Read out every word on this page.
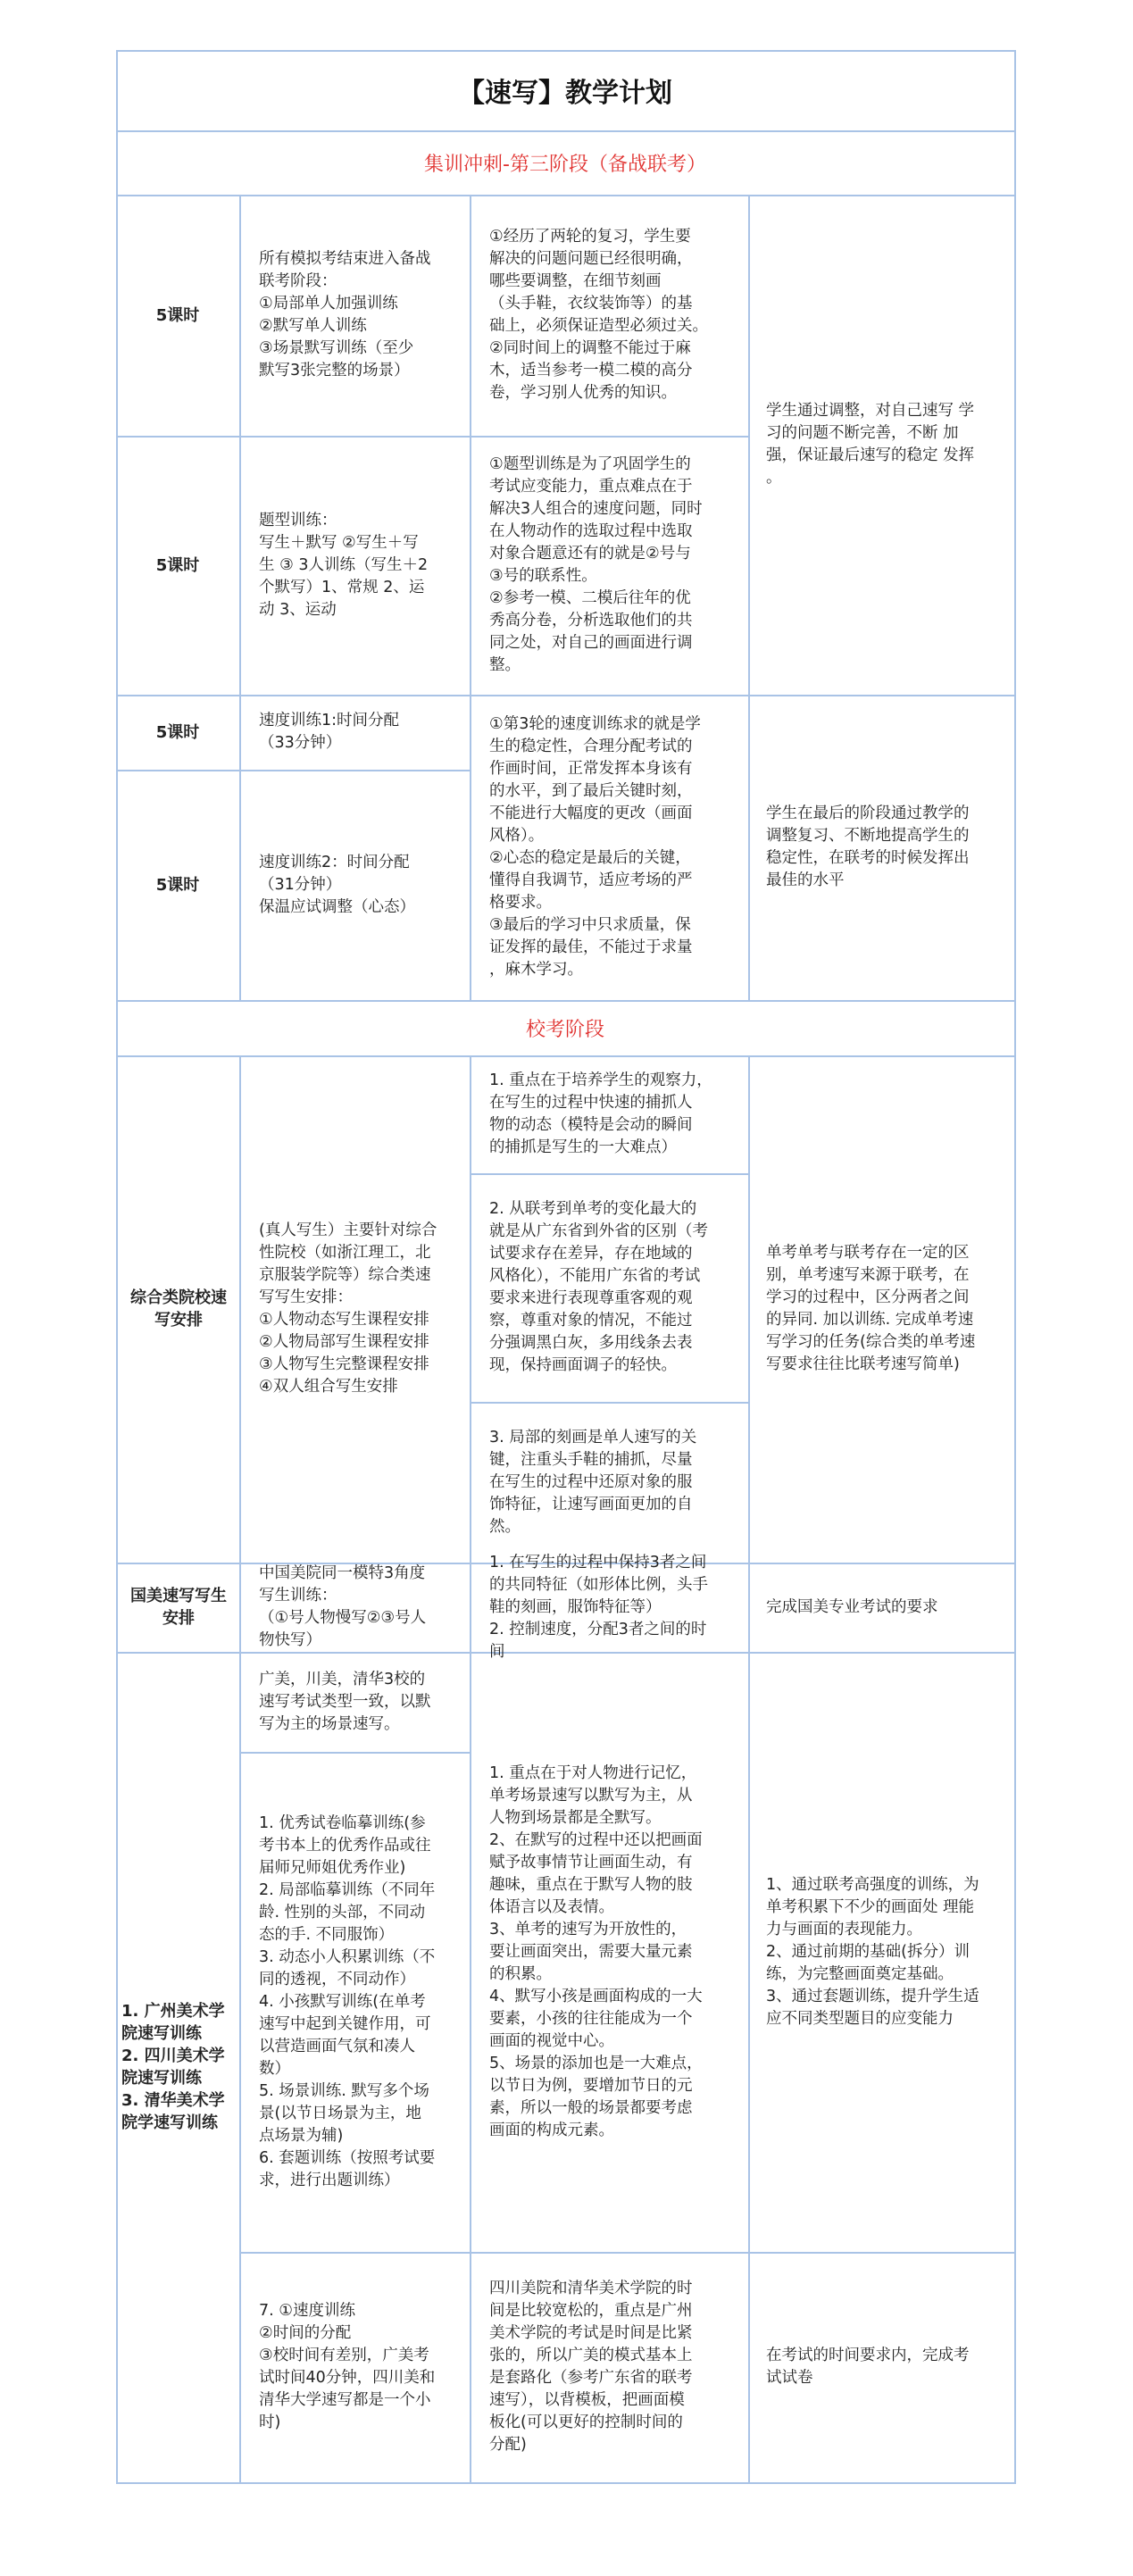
【速写】教学计划
集训冲刺-第三阶段（备战联考）
5课时
所有模拟考结束进入备战
联考阶段：
①局部单人加强训练
②默写单人训练
③场景默写训练（至少
默写3张完整的场景）
①经历了两轮的复习，学生要
解决的问题问题已经很明确，
哪些要调整，在细节刻画
（头手鞋，衣纹装饰等）的基
础上，必须保证造型必须过关。
②同时间上的调整不能过于麻
木，适当参考一模二模的高分
卷，学习别人优秀的知识。
5课时
题型训练：
写生＋默写 ②写生＋写
生 ③ 3人训练（写生＋2
个默写）1、常规 2、运
动 3、运动
①题型训练是为了巩固学生的
考试应变能力，重点难点在于
解决3人组合的速度问题，同时
在人物动作的选取过程中选取
对象合题意还有的就是②号与
③号的联系性。
②参考一模、二模后往年的优
秀高分卷，分析选取他们的共
同之处，对自己的画面进行调
整。
学生通过调整，对自己速写 学
习的问题不断完善，不断 加
强，保证最后速写的稳定 发挥
。
5课时
速度训练1:时间分配
（33分钟）
5课时
速度训练2：时间分配
（31分钟）
保温应试调整（心态）
①第3轮的速度训练求的就是学
生的稳定性，合理分配考试的
作画时间，正常发挥本身该有
的水平，到了最后关键时刻，
不能进行大幅度的更改（画面
风格）。
②心态的稳定是最后的关键，
懂得自我调节，适应考场的严
格要求。
③最后的学习中只求质量，保
证发挥的最佳，不能过于求量
，麻木学习。
学生在最后的阶段通过教学的
调整复习、不断地提高学生的
稳定性，在联考的时候发挥出
最佳的水平
校考阶段
综合类院校速
写安排
(真人写生）主要针对综合
性院校（如浙江理工，北
京服装学院等）综合类速
写写生安排：
①人物动态写生课程安排
②人物局部写生课程安排
③人物写生完整课程安排
④双人组合写生安排
1. 重点在于培养学生的观察力，
在写生的过程中快速的捕抓人
物的动态（模特是会动的瞬间
的捕抓是写生的一大难点）
2. 从联考到单考的变化最大的
就是从广东省到外省的区别（考
试要求存在差异，存在地域的
风格化），不能用广东省的考试
要求来进行表现尊重客观的观
察，尊重对象的情况，不能过
分强调黑白灰，多用线条去表
现，保持画面调子的轻快。
3. 局部的刻画是单人速写的关
键，注重头手鞋的捕抓，尽量
在写生的过程中还原对象的服
饰特征，让速写画面更加的自
然。
单考单考与联考存在一定的区
别，单考速写来源于联考，在
学习的过程中，区分两者之间
的异同. 加以训练. 完成单考速
写学习的任务(综合类的单考速
写要求往往比联考速写简单)
国美速写写生
安排
中国美院同一模特3角度
写生训练：
（①号人物慢写②③号人
物快写）
1. 在写生的过程中保持3者之间
的共同特征（如形体比例，头手
鞋的刻画，服饰特征等）
2. 控制速度，分配3者之间的时
间
完成国美专业考试的要求
1. 广州美术学
院速写训练
2. 四川美术学
院速写训练
3. 清华美术学
院学速写训练
广美，川美，清华3校的
速写考试类型一致，以默
写为主的场景速写。
1. 优秀试卷临摹训练(参
考书本上的优秀作品或往
届师兄师姐优秀作业)
2. 局部临摹训练（不同年
龄. 性别的头部，不同动
态的手. 不同服饰）
3. 动态小人积累训练（不
同的透视，不同动作）
4. 小孩默写训练(在单考
速写中起到关键作用，可
以营造画面气氛和凑人
数）
5. 场景训练. 默写多个场
景(以节日场景为主，地
点场景为辅)
6. 套题训练（按照考试要
求，进行出题训练）
7. ①速度训练
②时间的分配
③校时间有差别，广美考
试时间40分钟，四川美和
清华大学速写都是一个小
时)
1. 重点在于对人物进行记忆，
单考场景速写以默写为主，从
人物到场景都是全默写。
2、在默写的过程中还以把画面
赋予故事情节让画面生动，有
趣味，重点在于默写人物的肢
体语言以及表情。
3、单考的速写为开放性的，
要让画面突出，需要大量元素
的积累。
4、默写小孩是画面构成的一大
要素，小孩的往往能成为一个
画面的视觉中心。
5、场景的添加也是一大难点，
以节日为例，要增加节日的元
素，所以一般的场景都要考虑
画面的构成元素。
四川美院和清华美术学院的时
间是比较宽松的，重点是广州
美术学院的考试是时间是比紧
张的，所以广美的模式基本上
是套路化（参考广东省的联考
速写），以背模板，把画面模
板化(可以更好的控制时间的
分配)
1、通过联考高强度的训练，为
单考积累下不少的画面处 理能
力与画面的表现能力。
2、通过前期的基础(拆分）训
练，为完整画面奠定基础。
3、通过套题训练，提升学生适
应不同类型题目的应变能力
在考试的时间要求内，完成考
试试卷
